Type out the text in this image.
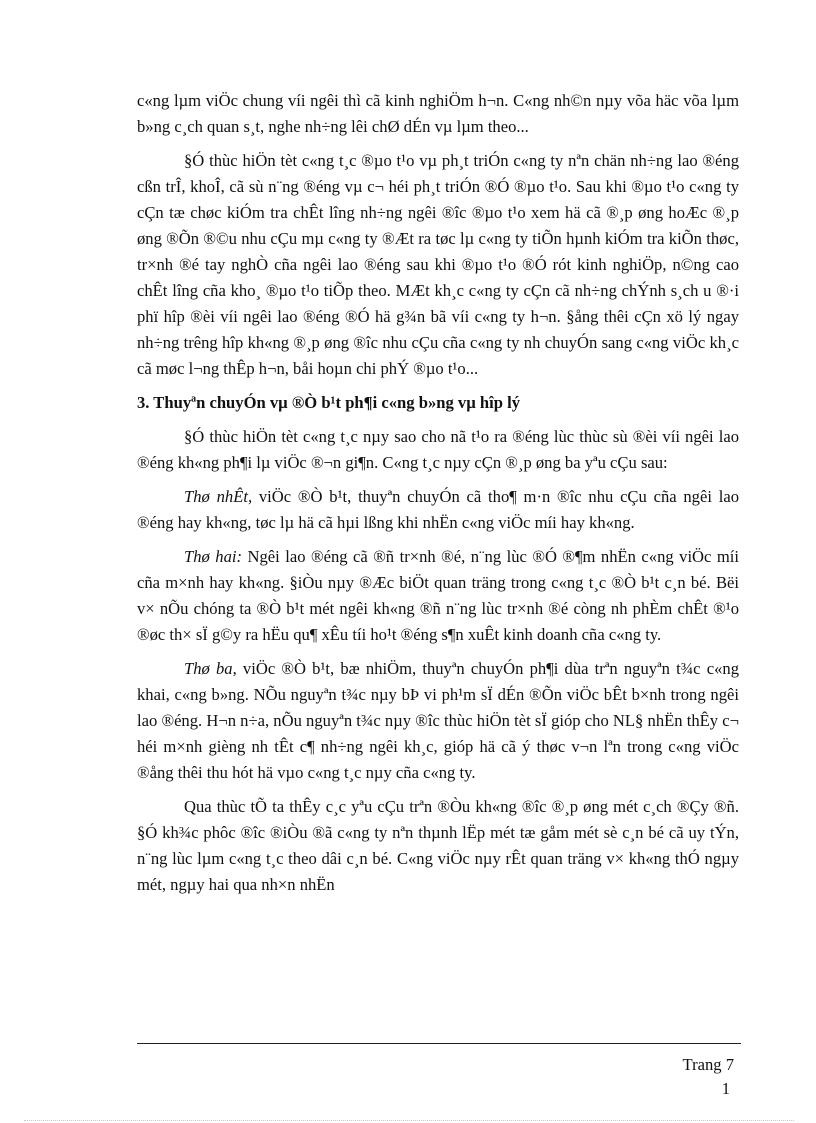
c«ng lµm viÖc chung víi ngêi thì cã kinh nghiÖm h¬n. C«ng nh©n nµy võa häc võa lµm b»ng c¸ch quan s¸t, nghe nh÷ng lêi chØ dÉn vµ lµm theo...

§Ó thùc hiÖn tèt c«ng t¸c ®µo t¹o vµ ph¸t triÓn c«ng ty nªn chän nh÷ng lao ®éng cßn trÎ, khoÎ, cã sù n¨ng ®éng vµ c¬ héi ph¸t triÓn ®Ó ®µo t¹o. Sau khi ®µo t¹o c«ng ty cÇn tæ chøc kiÓm tra chÊt lîng nh÷ng ngêi ®îc ®µo t¹o xem hä cã ®¸p øng hoÆc ®¸p øng ®Õn ®©u nhu cÇu mµ c«ng ty ®Æt ra tøc lµ c«ng ty tiÕn hµnh kiÓm tra kiÕn thøc, tr×nh ®é tay nghÒ cña ngêi lao ®éng sau khi ®µo t¹o ®Ó rót kinh nghiÖp, n©ng cao chÊt lîng cña kho¸ ®µo t¹o tiÕp theo. MÆt kh¸c c«ng ty cÇn cã nh÷ng chÝnh s¸ch u ®·i phï hîp ®èi víi ngêi lao ®éng ®Ó hä g¾n bã víi c«ng ty h¬n. §ång thêi cÇn xö lý ngay nh÷ng trêng hîp kh«ng ®¸p øng ®îc nhu cÇu cña c«ng ty nh chuyÓn sang c«ng viÖc kh¸c cã møc l¬ng thÊp h¬n, båi hoµn chi phÝ ®µo t¹o...

3. Thuyªn chuyÓn vµ ®Ò b¹t ph¶i c«ng b»ng vµ hîp lý

§Ó thùc hiÖn tèt c«ng t¸c nµy sao cho nã t¹o ra ®éng lùc thùc sù ®èi víi ngêi lao ®éng kh«ng ph¶i lµ viÖc ®¬n gi¶n. C«ng t¸c nµy cÇn ®¸p øng ba yªu cÇu sau:

Thø nhÊt, viÖc ®Ò b¹t, thuyªn chuyÓn cã tho¶ m·n ®îc nhu cÇu cña ngêi lao ®éng hay kh«ng, tøc lµ hä cã hµi lßng khi nhËn c«ng viÖc míi hay kh«ng.

Thø hai: Ngêi lao ®éng cã ®ñ tr×nh ®é, n¨ng lùc ®Ó ®¶m nhËn c«ng viÖc míi cña m×nh hay kh«ng. §iÒu nµy ®Æc biÖt quan träng trong c«ng t¸c ®Ò b¹t c¸n bé. Bëi v× nÕu chóng ta ®Ò b¹t mét ngêi kh«ng ®ñ n¨ng lùc tr×nh ®é còng nh phÈm chÊt ®¹o ®øc th× sÏ g©y ra hËu qu¶ xÊu tíi ho¹t ®éng s¶n xuÊt kinh doanh cña c«ng ty.

Thø ba, viÖc ®Ò b¹t, bæ nhiÖm, thuyªn chuyÓn ph¶i dùa trªn nguyªn t¾c c«ng khai, c«ng b»ng. NÕu nguyªn t¾c nµy bÞ vi ph¹m sÏ dÉn ®Õn viÖc bÊt b×nh trong ngêi lao ®éng. H¬n n÷a, nÕu nguyªn t¾c nµy ®îc thùc hiÖn tèt sÏ gióp cho NL§ nhËn thÊy c¬ héi m×nh gièng nh tÊt c¶ nh÷ng ngêi kh¸c, gióp hä cã ý thøc v¬n lªn trong c«ng viÖc ®ång thêi thu hót hä vµo c«ng t¸c nµy cña c«ng ty.

Qua thùc tÕ ta thÊy c¸c yªu cÇu trªn ®Òu kh«ng ®îc ®¸p øng mét c¸ch ®Çy ®ñ. §Ó kh¾c phôc ®îc ®iÒu ®ã c«ng ty nªn thµnh lËp mét tæ gåm mét sè c¸n bé cã uy tÝn, n¨ng lùc lµm c«ng t¸c theo dâi c¸n bé. C«ng viÖc nµy rÊt quan träng v× kh«ng thÓ ngµy mét, ngµy hai qua nh×n nhËn

Trang 7
1
